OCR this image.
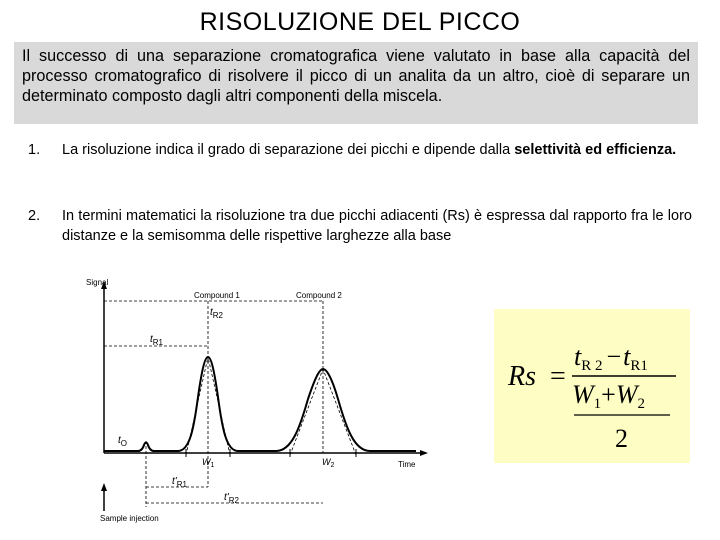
RISOLUZIONE DEL PICCO
Il successo di una separazione cromatografica viene valutato in base alla capacità del processo cromatografico di risolvere il picco di un analita da un altro, cioè di separare un determinato composto dagli altri componenti della miscela.
1. La risoluzione indica il grado di separazione dei picchi e dipende dalla selettività ed efficienza.
2. In termini matematici la risoluzione tra due picchi adiacenti (Rs) è espressa dal rapporto fra le loro distanze e la semisomma delle rispettive larghezze alla base
Signal
Time
Compound 1	Compound 2
$t_{R2}$
$t_{R1}$
$t_O$
$W_1$	$W_2$
$t'_{R1}$
$t'_{R2}$
Sample injection
Rs =
tR 2 −tR1
W1+W2
2
